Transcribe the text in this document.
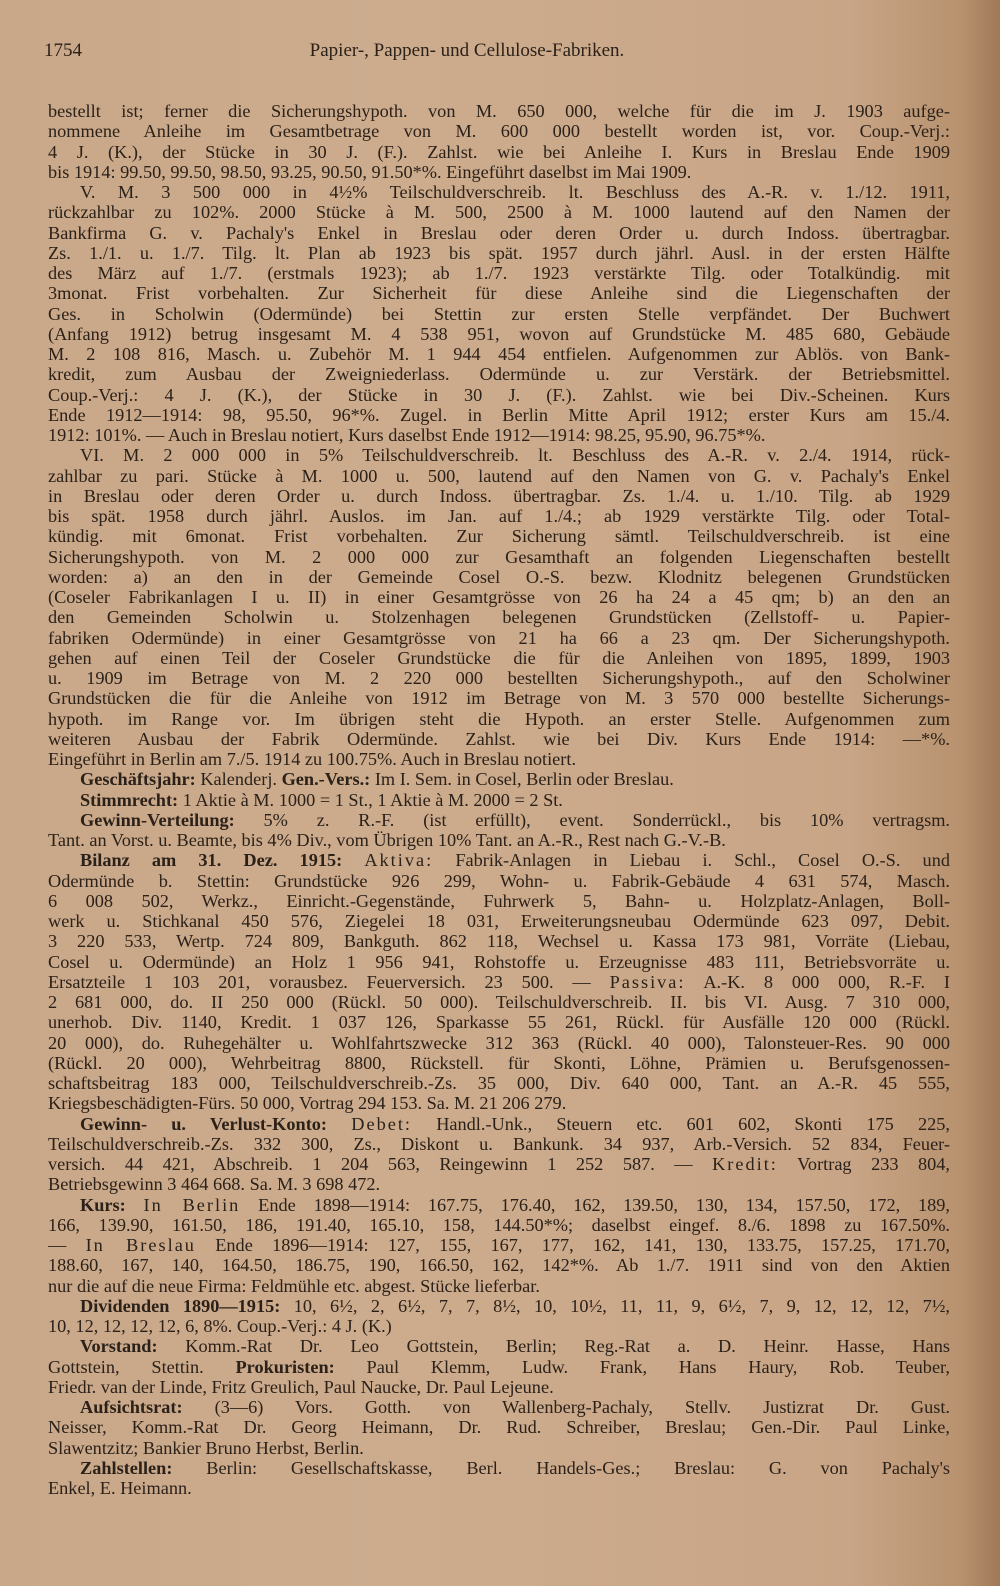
1754	Papier-, Pappen- und Cellulose-Fabriken.
bestellt ist; ferner die Sicherungshypoth. von M. 650 000, welche für die im J. 1903 aufge-
nommene Anleihe im Gesamtbetrage von M. 600 000 bestellt worden ist, vor. Coup.-Verj.:
4 J. (K.), der Stücke in 30 J. (F.). Zahlst. wie bei Anleihe I. Kurs in Breslau Ende 1909
bis 1914: 99.50, 99.50, 98.50, 93.25, 90.50, 91.50*%. Eingeführt daselbst im Mai 1909.
V. M. 3 500 000 in 4½% Teilschuldverschreib. lt. Beschluss des A.-R. v. 1./12. 1911,
rückzahlbar zu 102%. 2000 Stücke à M. 500, 2500 à M. 1000 lautend auf den Namen der
Bankfirma G. v. Pachaly's Enkel in Breslau oder deren Order u. durch Indoss. übertragbar.
Zs. 1./1. u. 1./7. Tilg. lt. Plan ab 1923 bis spät. 1957 durch jährl. Ausl. in der ersten Hälfte
des März auf 1./7. (erstmals 1923); ab 1./7. 1923 verstärkte Tilg. oder Totalkündig. mit
3monat. Frist vorbehalten. Zur Sicherheit für diese Anleihe sind die Liegenschaften der
Ges. in Scholwin (Odermünde) bei Stettin zur ersten Stelle verpfändet. Der Buchwert
(Anfang 1912) betrug insgesamt M. 4 538 951, wovon auf Grundstücke M. 485 680, Gebäude
M. 2 108 816, Masch. u. Zubehör M. 1 944 454 entfielen. Aufgenommen zur Ablös. von Bank-
kredit, zum Ausbau der Zweigniederlass. Odermünde u. zur Verstärk. der Betriebsmittel.
Coup.-Verj.: 4 J. (K.), der Stücke in 30 J. (F.). Zahlst. wie bei Div.-Scheinen. Kurs
Ende 1912—1914: 98, 95.50, 96*%. Zugel. in Berlin Mitte April 1912; erster Kurs am 15./4.
1912: 101%. — Auch in Breslau notiert, Kurs daselbst Ende 1912—1914: 98.25, 95.90, 96.75*%.
VI. M. 2 000 000 in 5% Teilschuldverschreib. lt. Beschluss des A.-R. v. 2./4. 1914, rück-
zahlbar zu pari. Stücke à M. 1000 u. 500, lautend auf den Namen von G. v. Pachaly's Enkel
in Breslau oder deren Order u. durch Indoss. übertragbar. Zs. 1./4. u. 1./10. Tilg. ab 1929
bis spät. 1958 durch jährl. Auslos. im Jan. auf 1./4.; ab 1929 verstärkte Tilg. oder Total-
kündig. mit 6monat. Frist vorbehalten. Zur Sicherung sämtl. Teilschuldverschreib. ist eine
Sicherungshypoth. von M. 2 000 000 zur Gesamthaft an folgenden Liegenschaften bestellt
worden: a) an den in der Gemeinde Cosel O.-S. bezw. Klodnitz belegenen Grundstücken
(Coseler Fabrikanlagen I u. II) in einer Gesamtgrösse von 26 ha 24 a 45 qm; b) an den an
den Gemeinden Scholwin u. Stolzenhagen belegenen Grundstücken (Zellstoff- u. Papier-
fabriken Odermünde) in einer Gesamtgrösse von 21 ha 66 a 23 qm. Der Sicherungshypoth.
gehen auf einen Teil der Coseler Grundstücke die für die Anleihen von 1895, 1899, 1903
u. 1909 im Betrage von M. 2 220 000 bestellten Sicherungshypoth., auf den Scholwiner
Grundstücken die für die Anleihe von 1912 im Betrage von M. 3 570 000 bestellte Sicherungs-
hypoth. im Range vor. Im übrigen steht die Hypoth. an erster Stelle. Aufgenommen zum
weiteren Ausbau der Fabrik Odermünde. Zahlst. wie bei Div. Kurs Ende 1914: —*%.
Eingeführt in Berlin am 7./5. 1914 zu 100.75%. Auch in Breslau notiert.
Geschäftsjahr: Kalenderj. Gen.-Vers.: Im I. Sem. in Cosel, Berlin oder Breslau.
Stimmrecht: 1 Aktie à M. 1000 = 1 St., 1 Aktie à M. 2000 = 2 St.
Gewinn-Verteilung: 5% z. R.-F. (ist erfüllt), event. Sonderrückl., bis 10% vertragsm.
Tant. an Vorst. u. Beamte, bis 4% Div., vom Übrigen 10% Tant. an A.-R., Rest nach G.-V.-B.
Bilanz am 31. Dez. 1915: Aktiva: Fabrik-Anlagen in Liebau i. Schl., Cosel O.-S. und
Odermünde b. Stettin: Grundstücke 926 299, Wohn- u. Fabrik-Gebäude 4 631 574, Masch.
6 008 502, Werkz., Einricht.-Gegenstände, Fuhrwerk 5, Bahn- u. Holzplatz-Anlagen, Boll-
werk u. Stichkanal 450 576, Ziegelei 18 031, Erweiterungsneubau Odermünde 623 097, Debit.
3 220 533, Wertp. 724 809, Bankguth. 862 118, Wechsel u. Kassa 173 981, Vorräte (Liebau,
Cosel u. Odermünde) an Holz 1 956 941, Rohstoffe u. Erzeugnisse 483 111, Betriebsvorräte u.
Ersatzteile 1 103 201, vorausbez. Feuerversich. 23 500. — Passiva: A.-K. 8 000 000, R.-F. I
2 681 000, do. II 250 000 (Rückl. 50 000). Teilschuldverschreib. II. bis VI. Ausg. 7 310 000,
unerhob. Div. 1140, Kredit. 1 037 126, Sparkasse 55 261, Rückl. für Ausfälle 120 000 (Rückl.
20 000), do. Ruhegehälter u. Wohlfahrtszwecke 312 363 (Rückl. 40 000), Talonsteuer-Res. 90 000
(Rückl. 20 000), Wehrbeitrag 8800, Rückstell. für Skonti, Löhne, Prämien u. Berufsgenossen-
schaftsbeitrag 183 000, Teilschuldverschreib.-Zs. 35 000, Div. 640 000, Tant. an A.-R. 45 555,
Kriegsbeschädigten-Fürs. 50 000, Vortrag 294 153. Sa. M. 21 206 279.
Gewinn- u. Verlust-Konto: Debet: Handl.-Unk., Steuern etc. 601 602, Skonti 175 225,
Teilschuldverschreib.-Zs. 332 300, Zs., Diskont u. Bankunk. 34 937, Arb.-Versich. 52 834, Feuer-
versich. 44 421, Abschreib. 1 204 563, Reingewinn 1 252 587. — Kredit: Vortrag 233 804,
Betriebsgewinn 3 464 668. Sa. M. 3 698 472.
Kurs: In Berlin Ende 1898—1914: 167.75, 176.40, 162, 139.50, 130, 134, 157.50, 172, 189,
166, 139.90, 161.50, 186, 191.40, 165.10, 158, 144.50*%; daselbst eingef. 8./6. 1898 zu 167.50%.
— In Breslau Ende 1896—1914: 127, 155, 167, 177, 162, 141, 130, 133.75, 157.25, 171.70,
188.60, 167, 140, 164.50, 186.75, 190, 166.50, 162, 142*%. Ab 1./7. 1911 sind von den Aktien
nur die auf die neue Firma: Feldmühle etc. abgest. Stücke lieferbar.
Dividenden 1890—1915: 10, 6½, 2, 6½, 7, 7, 8½, 10, 10½, 11, 11, 9, 6½, 7, 9, 12, 12, 12, 7½,
10, 12, 12, 12, 12, 6, 8%. Coup.-Verj.: 4 J. (K.)
Vorstand: Komm.-Rat Dr. Leo Gottstein, Berlin; Reg.-Rat a. D. Heinr. Hasse, Hans
Gottstein, Stettin. Prokuristen: Paul Klemm, Ludw. Frank, Hans Haury, Rob. Teuber,
Friedr. van der Linde, Fritz Greulich, Paul Naucke, Dr. Paul Lejeune.
Aufsichtsrat: (3—6) Vors. Gotth. von Wallenberg-Pachaly, Stellv. Justizrat Dr. Gust.
Neisser, Komm.-Rat Dr. Georg Heimann, Dr. Rud. Schreiber, Breslau; Gen.-Dir. Paul Linke,
Slawentzitz; Bankier Bruno Herbst, Berlin.
Zahlstellen: Berlin: Gesellschaftskasse, Berl. Handels-Ges.; Breslau: G. von Pachaly's
Enkel, E. Heimann.
